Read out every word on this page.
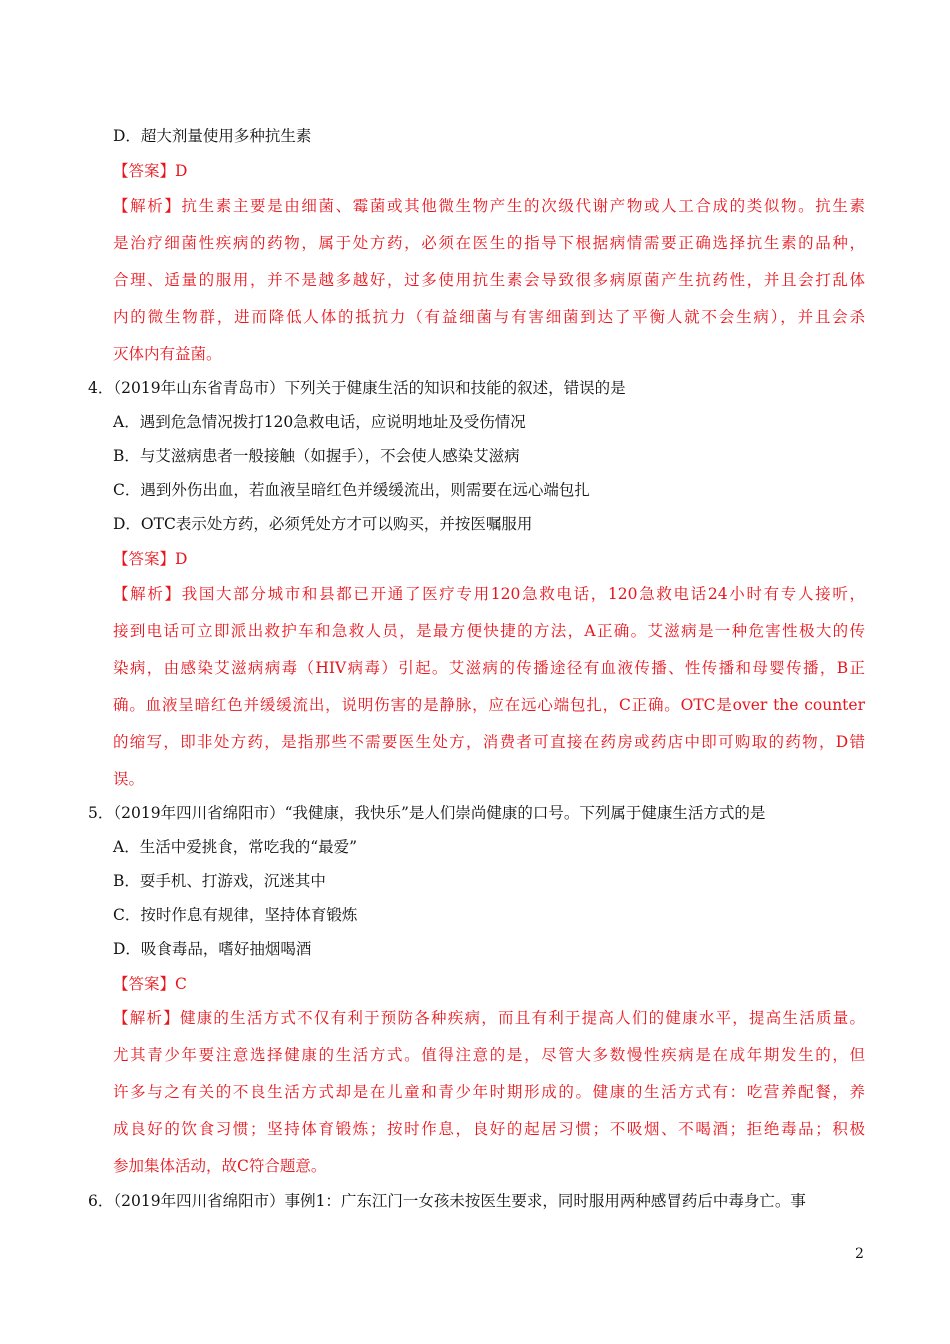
D．超大剂量使用多种抗生素
【答案】D
【解析】抗生素主要是由细菌、霉菌或其他微生物产生的次级代谢产物或人工合成的类似物。抗生素
是治疗细菌性疾病的药物，属于处方药，必须在医生的指导下根据病情需要正确选择抗生素的品种，
合理、适量的服用，并不是越多越好，过多使用抗生素会导致很多病原菌产生抗药性，并且会打乱体
内的微生物群，进而降低人体的抵抗力（有益细菌与有害细菌到达了平衡人就不会生病），并且会杀
灭体内有益菌。
4．（2019年山东省青岛市）下列关于健康生活的知识和技能的叙述，错误的是
A．遇到危急情况拨打120急救电话，应说明地址及受伤情况
B．与艾滋病患者一般接触（如握手），不会使人感染艾滋病
C．遇到外伤出血，若血液呈暗红色并缓缓流出，则需要在远心端包扎
D．OTC表示处方药，必须凭处方才可以购买，并按医嘱服用
【答案】D
【解析】我国大部分城市和县都已开通了医疗专用120急救电话，120急救电话24小时有专人接听，
接到电话可立即派出救护车和急救人员，是最方便快捷的方法，A正确。艾滋病是一种危害性极大的传
染病，由感染艾滋病病毒（HIV病毒）引起。艾滋病的传播途径有血液传播、性传播和母婴传播，B正
确。血液呈暗红色并缓缓流出，说明伤害的是静脉，应在远心端包扎，C正确。OTC是over the counter
的缩写，即非处方药，是指那些不需要医生处方，消费者可直接在药房或药店中即可购取的药物，D错
误。
5．（2019年四川省绵阳市）“我健康，我快乐”是人们崇尚健康的口号。下列属于健康生活方式的是
A．生活中爱挑食，常吃我的“最爱”
B．耍手机、打游戏，沉迷其中
C．按时作息有规律，坚持体育锻炼
D．吸食毒品，嗜好抽烟喝酒
【答案】C
【解析】健康的生活方式不仅有利于预防各种疾病，而且有利于提高人们的健康水平，提高生活质量。
尤其青少年要注意选择健康的生活方式。值得注意的是，尽管大多数慢性疾病是在成年期发生的，但
许多与之有关的不良生活方式却是在儿童和青少年时期形成的。健康的生活方式有：吃营养配餐，养
成良好的饮食习惯；坚持体育锻炼；按时作息，良好的起居习惯；不吸烟、不喝酒；拒绝毒品；积极
参加集体活动，故C符合题意。
6．（2019年四川省绵阳市）事例1：广东江门一女孩未按医生要求，同时服用两种感冒药后中毒身亡。事
2
